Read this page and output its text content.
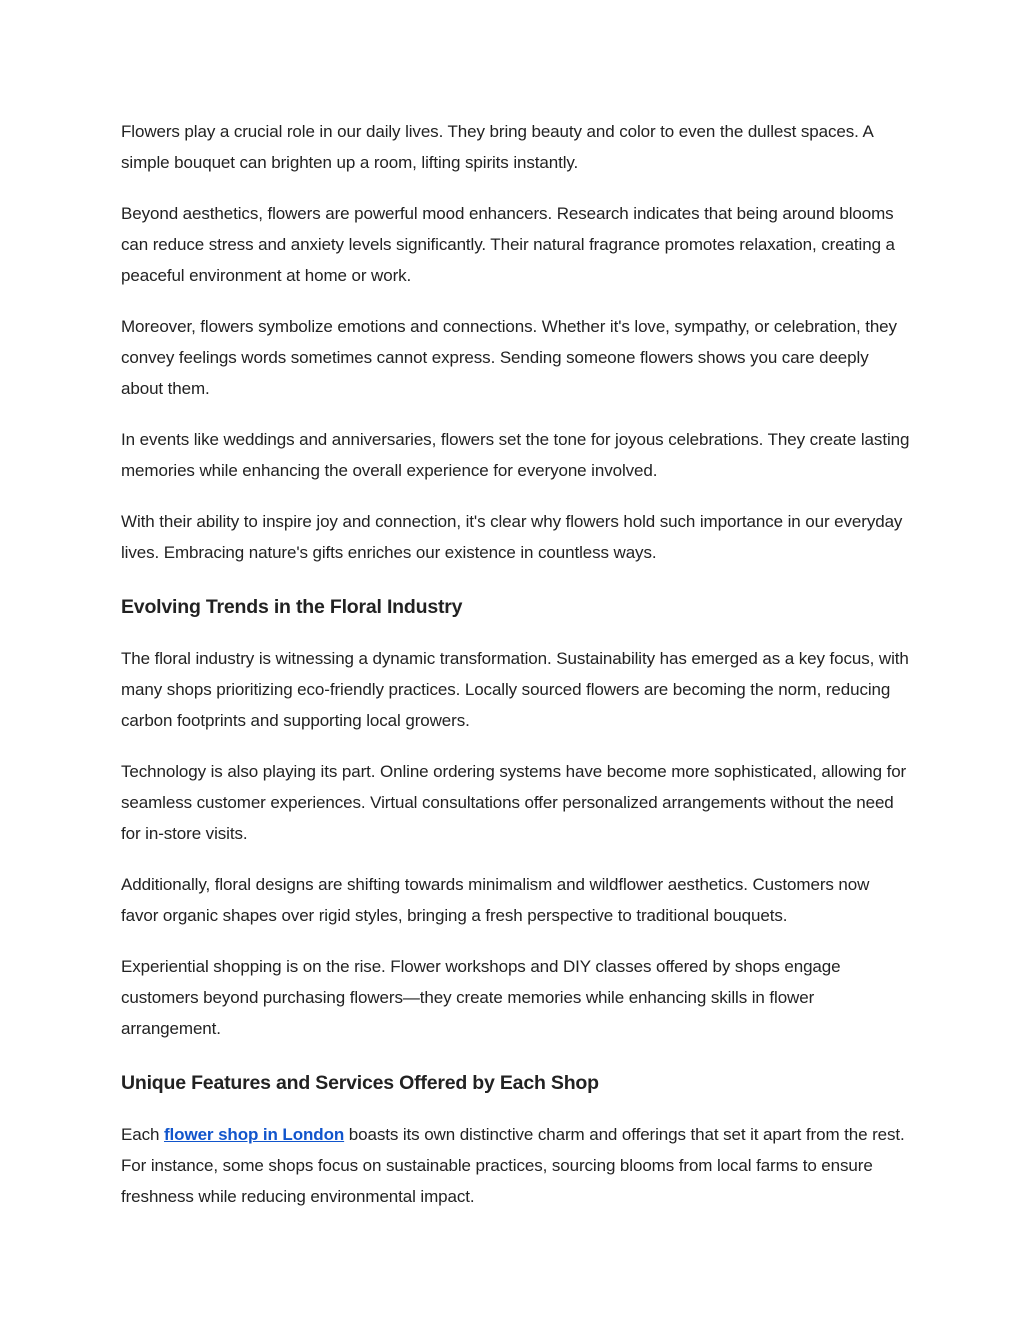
Flowers play a crucial role in our daily lives. They bring beauty and color to even the dullest spaces. A simple bouquet can brighten up a room, lifting spirits instantly.

Beyond aesthetics, flowers are powerful mood enhancers. Research indicates that being around blooms can reduce stress and anxiety levels significantly. Their natural fragrance promotes relaxation, creating a peaceful environment at home or work.

Moreover, flowers symbolize emotions and connections. Whether it's love, sympathy, or celebration, they convey feelings words sometimes cannot express. Sending someone flowers shows you care deeply about them.

In events like weddings and anniversaries, flowers set the tone for joyous celebrations. They create lasting memories while enhancing the overall experience for everyone involved.

With their ability to inspire joy and connection, it's clear why flowers hold such importance in our everyday lives. Embracing nature's gifts enriches our existence in countless ways.

Evolving Trends in the Floral Industry

The floral industry is witnessing a dynamic transformation. Sustainability has emerged as a key focus, with many shops prioritizing eco-friendly practices. Locally sourced flowers are becoming the norm, reducing carbon footprints and supporting local growers.

Technology is also playing its part. Online ordering systems have become more sophisticated, allowing for seamless customer experiences. Virtual consultations offer personalized arrangements without the need for in-store visits.

Additionally, floral designs are shifting towards minimalism and wildflower aesthetics. Customers now favor organic shapes over rigid styles, bringing a fresh perspective to traditional bouquets.

Experiential shopping is on the rise. Flower workshops and DIY classes offered by shops engage customers beyond purchasing flowers—they create memories while enhancing skills in flower arrangement.

Unique Features and Services Offered by Each Shop

Each flower shop in London boasts its own distinctive charm and offerings that set it apart from the rest. For instance, some shops focus on sustainable practices, sourcing blooms from local farms to ensure freshness while reducing environmental impact.
